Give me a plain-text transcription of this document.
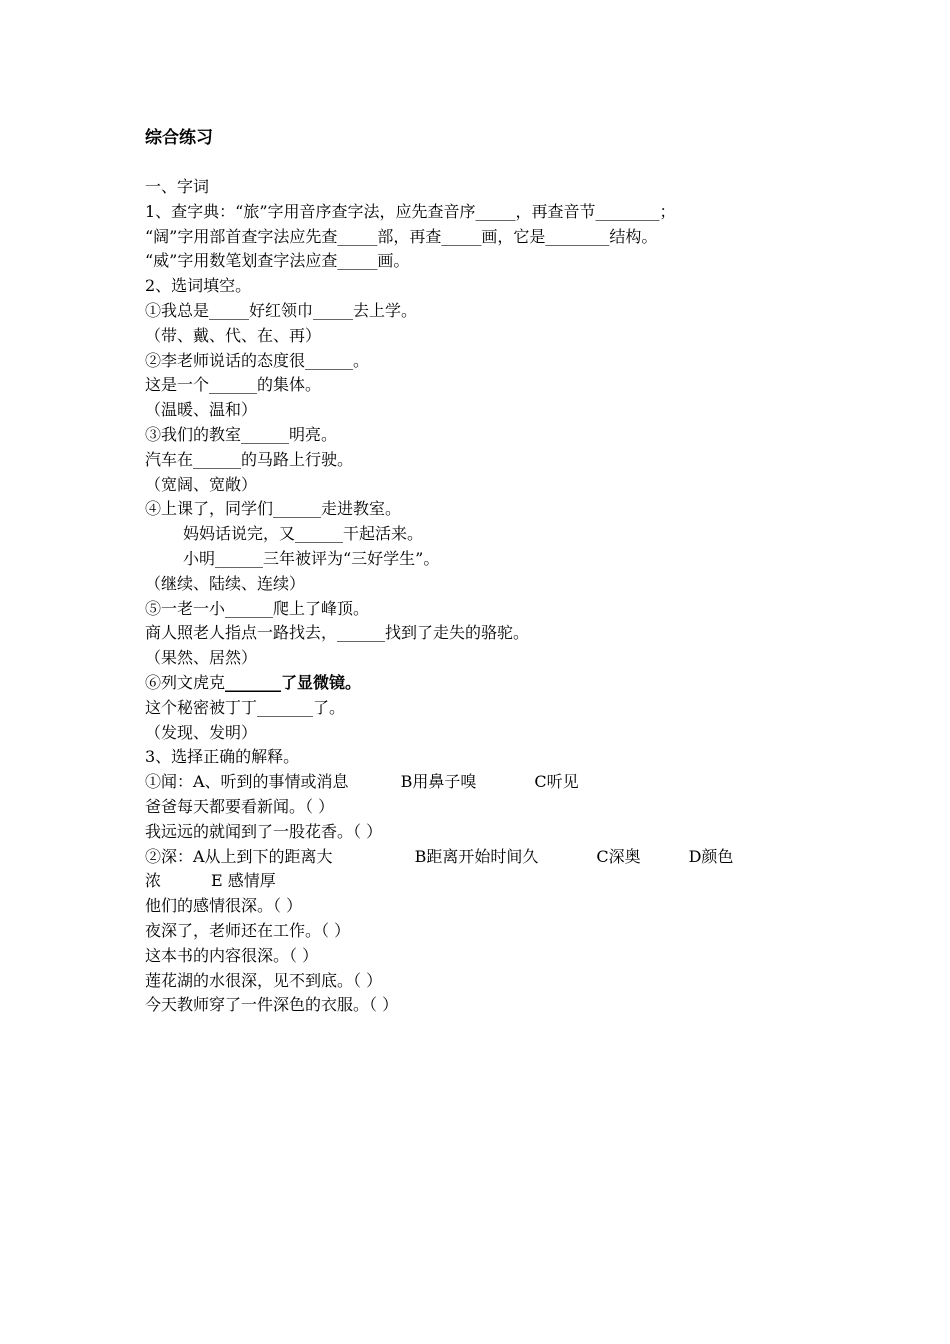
综合练习
一、字词
1、查字典：“旅”字用音序查字法，应先查音序_____，再查音节________；
“阔”字用部首查字法应先查_____部，再查_____画，它是________结构。
“威”字用数笔划查字法应查_____画。
2、选词填空。
①我总是_____好红领巾_____去上学。
（带、戴、代、在、再）
②李老师说话的态度很______。
这是一个______的集体。
（温暖、温和）
③我们的教室______明亮。
汽车在______的马路上行驶。
（宽阔、宽敞）
④上课了，同学们______走进教室。
妈妈话说完，又______干起活来。
小明______三年被评为“三好学生”。
（继续、陆续、连续）
⑤一老一小______爬上了峰顶。
商人照老人指点一路找去，______找到了走失的骆驼。
（果然、居然）
⑥列文虎克_______了显微镜。
这个秘密被丁丁_______了。
（发现、发明）
3、选择正确的解释。
①闻：A、听到的事情或消息	B用鼻子嗅	C听见
爸爸每天都要看新闻。（ ）
我远远的就闻到了一股花香。（ ）
②深：A从上到下的距离大	B距离开始时间久	C深奥	D颜色
浓	E 感情厚
他们的感情很深。（ ）
夜深了，老师还在工作。（ ）
这本书的内容很深。（ ）
莲花湖的水很深，见不到底。（ ）
今天教师穿了一件深色的衣服。（ ）
